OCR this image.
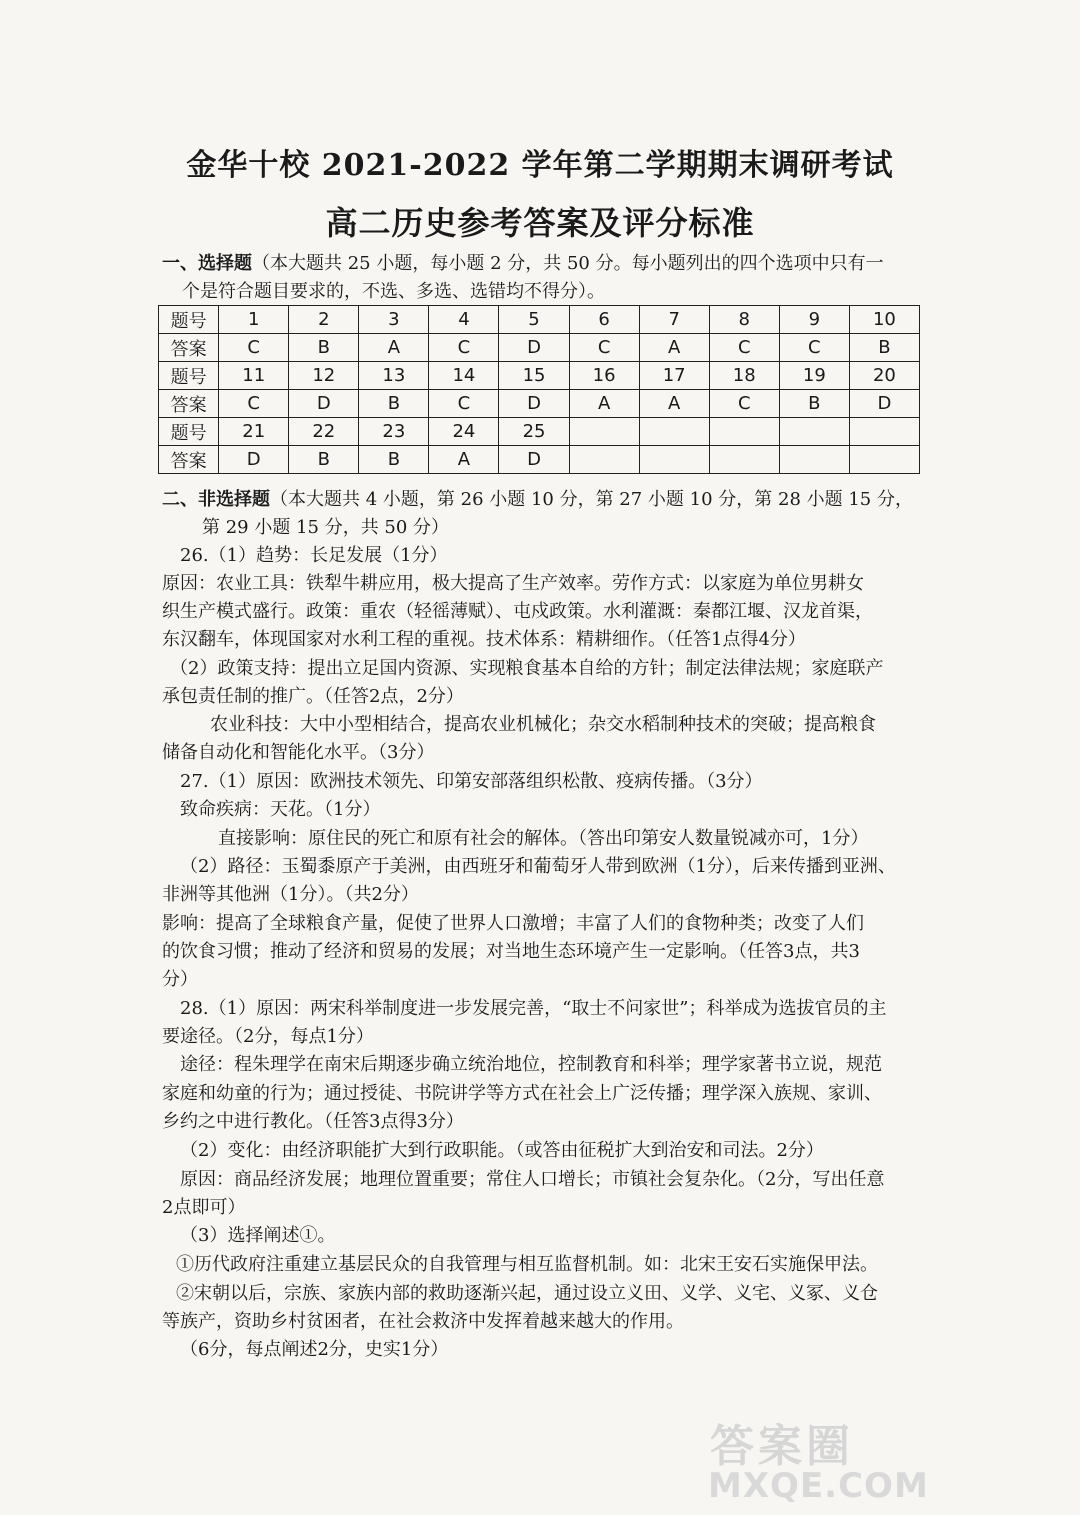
金华十校 2021-2022 学年第二学期期末调研考试
高二历史参考答案及评分标准
一、选择题（本大题共 25 小题，每小题 2 分，共 50 分。每小题列出的四个选项中只有一
个是符合题目要求的，不选、多选、选错均不得分）。
题号	1	2	3	4	5	6	7	8	9	10
答案	C	B	A	C	D	C	A	C	C	B
题号	11	12	13	14	15	16	17	18	19	20
答案	C	D	B	C	D	A	A	C	B	D
题号	21	22	23	24	25					
答案	D	B	B	A	D					
二、非选择题（本大题共 4 小题，第 26 小题 10 分，第 27 小题 10 分，第 28 小题 15 分，
第 29 小题 15 分，共 50 分）
26.（1）趋势：长足发展（1分）
原因：农业工具：铁犁牛耕应用，极大提高了生产效率。劳作方式：以家庭为单位男耕女
织生产模式盛行。政策：重农（轻徭薄赋）、屯戍政策。水利灌溉：秦都江堰、汉龙首渠，
东汉翻车，体现国家对水利工程的重视。技术体系：精耕细作。（任答1点得4分）
（2）政策支持：提出立足国内资源、实现粮食基本自给的方针；制定法律法规；家庭联产
承包责任制的推广。（任答2点，2分）
农业科技：大中小型相结合，提高农业机械化；杂交水稻制种技术的突破；提高粮食
储备自动化和智能化水平。（3分）
27.（1）原因：欧洲技术领先、印第安部落组织松散、疫病传播。（3分）
致命疾病：天花。（1分）
直接影响：原住民的死亡和原有社会的解体。（答出印第安人数量锐减亦可，1分）
（2）路径：玉蜀黍原产于美洲，由西班牙和葡萄牙人带到欧洲（1分），后来传播到亚洲、
非洲等其他洲（1分）。（共2分）
影响：提高了全球粮食产量，促使了世界人口激增；丰富了人们的食物种类；改变了人们
的饮食习惯；推动了经济和贸易的发展；对当地生态环境产生一定影响。（任答3点，共3
分）
28.（1）原因：两宋科举制度进一步发展完善，“取士不问家世”；科举成为选拔官员的主
要途径。（2分，每点1分）
途径：程朱理学在南宋后期逐步确立统治地位，控制教育和科举；理学家著书立说，规范
家庭和幼童的行为；通过授徒、书院讲学等方式在社会上广泛传播；理学深入族规、家训、
乡约之中进行教化。（任答3点得3分）
（2）变化：由经济职能扩大到行政职能。（或答由征税扩大到治安和司法。2分）
原因：商品经济发展；地理位置重要；常住人口增长；市镇社会复杂化。（2分，写出任意
2点即可）
（3）选择阐述①。
①历代政府注重建立基层民众的自我管理与相互监督机制。如：北宋王安石实施保甲法。
②宋朝以后，宗族、家族内部的救助逐渐兴起，通过设立义田、义学、义宅、义冢、义仓
等族产，资助乡村贫困者，在社会救济中发挥着越来越大的作用。
（6分，每点阐述2分，史实1分）
答案圈
MXQE.COM
